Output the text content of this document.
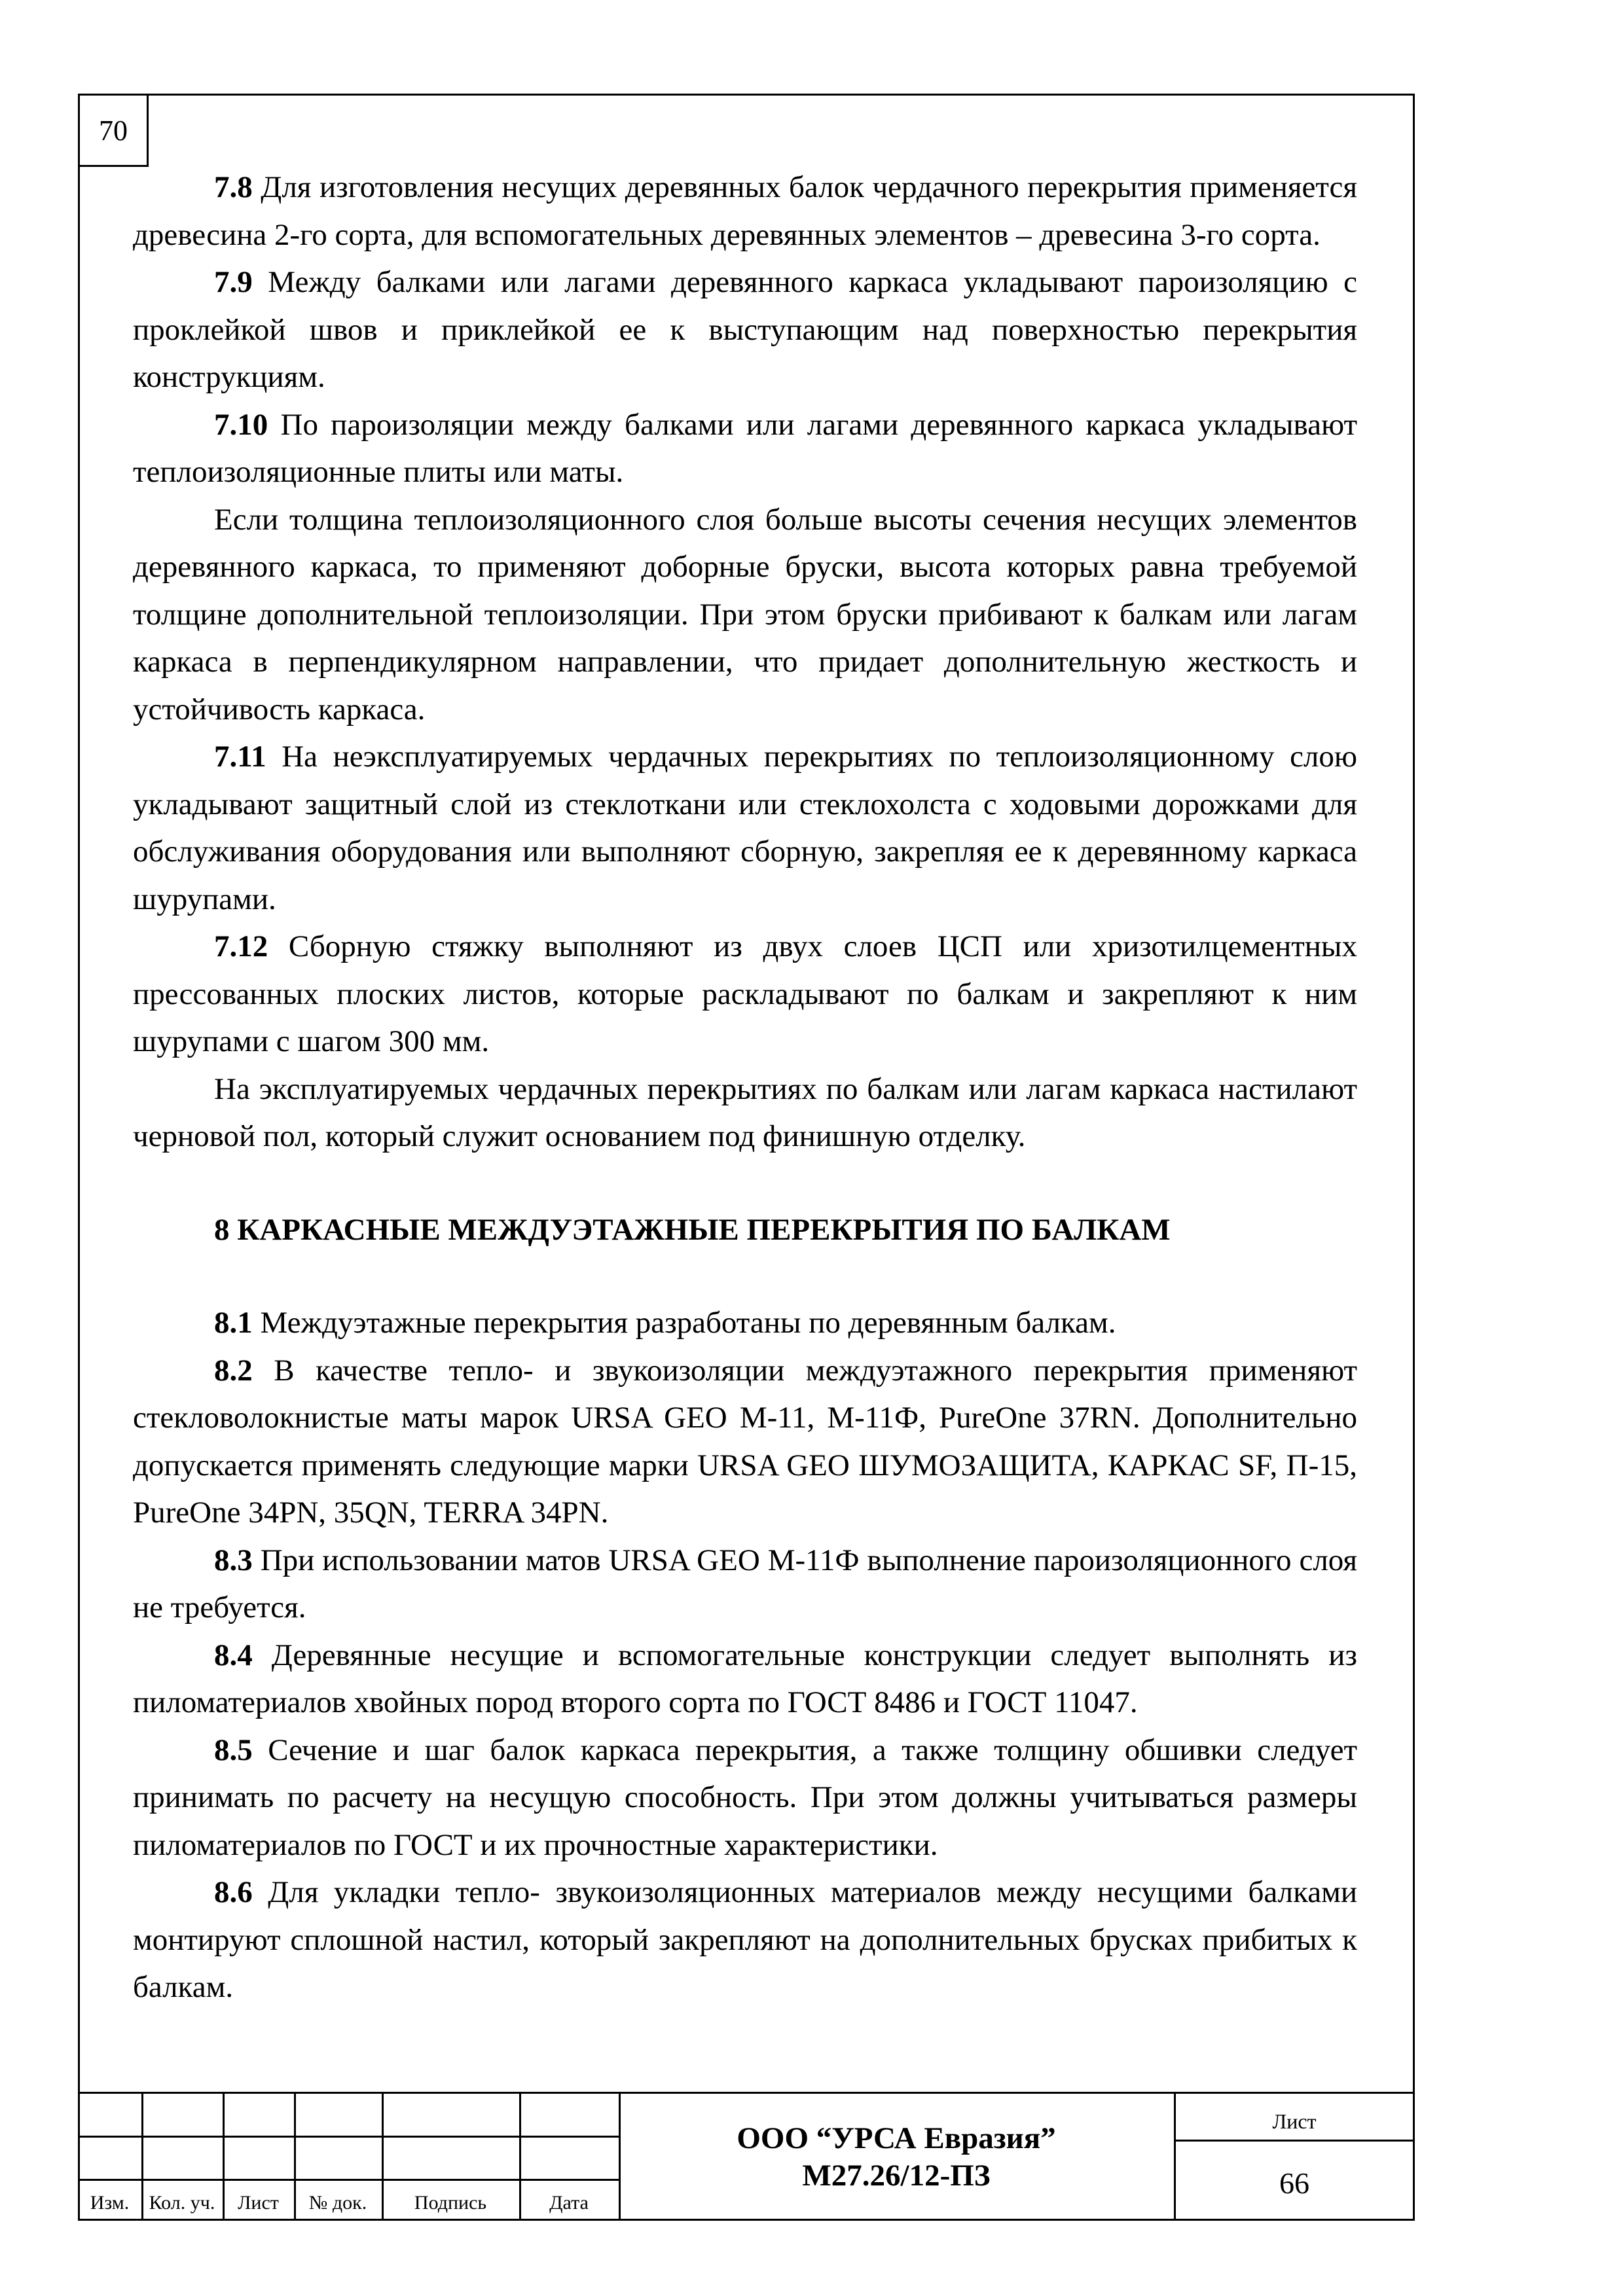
70

7.8 Для изготовления несущих деревянных балок чердачного перекрытия применяется древесина 2-го сорта, для вспомогательных деревянных элементов – древесина 3-го сорта.

7.9 Между балками или лагами деревянного каркаса укладывают пароизоляцию с проклейкой швов и приклейкой ее к выступающим над поверхностью перекрытия конструкциям.

7.10 По пароизоляции между балками или лагами деревянного каркаса укладывают теплоизоляционные плиты или маты.

Если толщина теплоизоляционного слоя больше высоты сечения несущих элементов деревянного каркаса, то применяют доборные бруски, высота которых равна требуемой толщине дополнительной теплоизоляции. При этом бруски прибивают к балкам или лагам каркаса в перпендикулярном направлении, что придает дополнительную жесткость и устойчивость каркаса.

7.11 На неэксплуатируемых чердачных перекрытиях по теплоизоляционному слою укладывают защитный слой из стеклоткани или стеклохолста с ходовыми дорожками для обслуживания оборудования или выполняют сборную, закрепляя ее к деревянному каркаса шурупами.

7.12 Сборную стяжку выполняют из двух слоев ЦСП или хризотилцементных прессованных плоских листов, которые раскладывают по балкам и закрепляют к ним шурупами с шагом 300 мм.

На эксплуатируемых чердачных перекрытиях по балкам или лагам каркаса настилают черновой пол, который служит основанием под финишную отделку.

8 КАРКАСНЫЕ МЕЖДУЭТАЖНЫЕ ПЕРЕКРЫТИЯ ПО БАЛКАМ

8.1 Междуэтажные перекрытия разработаны по деревянным балкам.

8.2 В качестве тепло- и звукоизоляции междуэтажного перекрытия применяют стекловолокнистые маты марок URSA GEO М-11, М-11Ф, PureOne 37RN. Дополнительно допускается применять следующие марки URSA GEO ШУМОЗАЩИТА, КАРКАС SF, П-15, PureOne 34PN, 35QN, TERRA 34PN.

8.3 При использовании матов URSA GEO М-11Ф выполнение пароизоляционного слоя не требуется.

8.4 Деревянные несущие и вспомогательные конструкции следует выполнять из пиломатериалов хвойных пород второго сорта по ГОСТ 8486 и ГОСТ 11047.

8.5 Сечение и шаг балок каркаса перекрытия, а также толщину обшивки следует принимать по расчету на несущую способность. При этом должны учитываться размеры пиломатериалов по ГОСТ и их прочностные характеристики.

8.6 Для укладки тепло- звукоизоляционных материалов между несущими балками монтируют сплошной настил, который закрепляют на дополнительных брусках прибитых к балкам.

Изм.	Кол. уч.	Лист	№ док.	Подпись	Дата
ООО “УРСА Евразия”
М27.26/12-ПЗ
Лист
66
